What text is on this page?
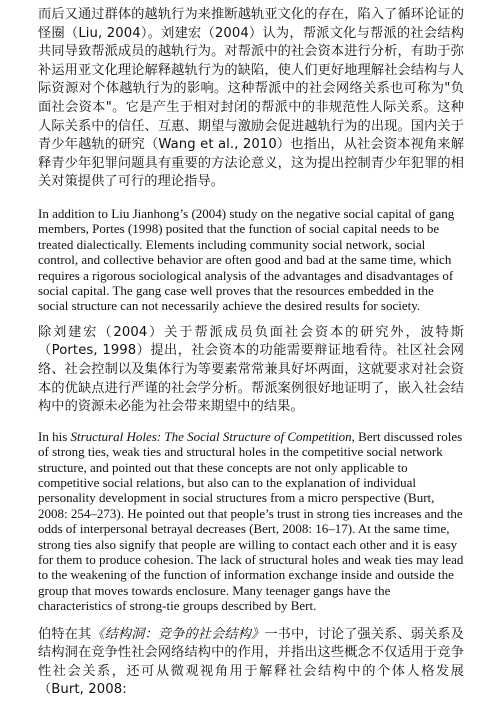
而后又通过群体的越轨行为来推断越轨亚文化的存在，陷入了循环论证的怪圈（Liu, 2004）。刘建宏（2004）认为，帮派文化与帮派的社会结构共同导致帮派成员的越轨行为。对帮派中的社会资本进行分析，有助于弥补运用亚文化理论解释越轨行为的缺陷，使人们更好地理解社会结构与人际资源对个体越轨行为的影响。这种帮派中的社会网络关系也可称为"负面社会资本"。它是产生于相对封闭的帮派中的非规范性人际关系。这种人际关系中的信任、互惠、期望与激励会促进越轨行为的出现。国内关于青少年越轨的研究（Wang et al., 2010）也指出，从社会资本视角来解释青少年犯罪问题具有重要的方法论意义，这为提出控制青少年犯罪的相关对策提供了可行的理论指导。

In addition to Liu Jianhong’s (2004) study on the negative social capital of gang members, Portes (1998) posited that the function of social capital needs to be treated dialectically. Elements including community social network, social control, and collective behavior are often good and bad at the same time, which requires a rigorous sociological analysis of the advantages and disadvantages of social capital. The gang case well proves that the resources embedded in the social structure can not necessarily achieve the desired results for society.

除刘建宏（2004）关于帮派成员负面社会资本的研究外，波特斯（Portes, 1998）提出，社会资本的功能需要辩证地看待。社区社会网络、社会控制以及集体行为等要素常常兼具好坏两面，这就要求对社会资本的优缺点进行严谨的社会学分析。帮派案例很好地证明了，嵌入社会结构中的资源未必能为社会带来期望中的结果。

In his Structural Holes: The Social Structure of Competition, Bert discussed roles of strong ties, weak ties and structural holes in the competitive social network structure, and pointed out that these concepts are not only applicable to competitive social relations, but also can to the explanation of individual personality development in social structures from a micro perspective (Burt, 2008: 254–273). He pointed out that people’s trust in strong ties increases and the odds of interpersonal betrayal decreases (Bert, 2008: 16–17). At the same time, strong ties also signify that people are willing to contact each other and it is easy for them to produce cohesion. The lack of structural holes and weak ties may lead to the weakening of the function of information exchange inside and outside the group that moves towards enclosure. Many teenager gangs have the characteristics of strong-tie groups described by Bert.

伯特在其《结构洞：竞争的社会结构》一书中，讨论了强关系、弱关系及结构洞在竞争性社会网络结构中的作用，并指出这些概念不仅适用于竞争性社会关系，还可从微观视角用于解释社会结构中的个体人格发展（Burt, 2008:
